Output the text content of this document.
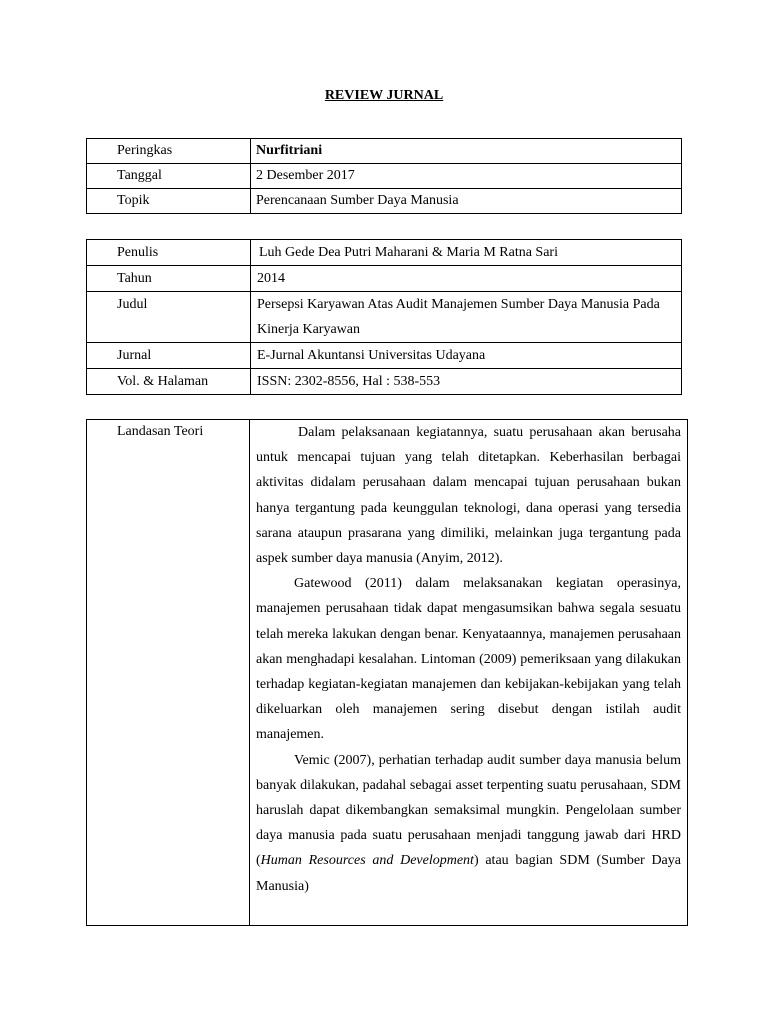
REVIEW JURNAL
Peringkas	Nurfitriani
Tanggal	2 Desember 2017
Topik	Perencanaan Sumber Daya Manusia
Penulis	Luh Gede Dea Putri Maharani & Maria M Ratna Sari
Tahun	2014
Judul	Persepsi Karyawan Atas Audit Manajemen Sumber Daya Manusia Pada Kinerja Karyawan
Jurnal	E-Jurnal Akuntansi Universitas Udayana
Vol. & Halaman	ISSN: 2302-8556, Hal : 538-553
Landasan Teori	Dalam pelaksanaan kegiatannya, suatu perusahaan akan berusaha untuk mencapai tujuan yang telah ditetapkan. Keberhasilan berbagai aktivitas didalam perusahaan dalam mencapai tujuan perusahaan bukan hanya tergantung pada keunggulan teknologi, dana operasi yang tersedia sarana ataupun prasarana yang dimiliki, melainkan juga tergantung pada aspek sumber daya manusia (Anyim, 2012).

Gatewood (2011) dalam melaksanakan kegiatan operasinya, manajemen perusahaan tidak dapat mengasumsikan bahwa segala sesuatu telah mereka lakukan dengan benar. Kenyataannya, manajemen perusahaan akan menghadapi kesalahan. Lintoman (2009) pemeriksaan yang dilakukan terhadap kegiatan-kegiatan manajemen dan kebijakan-kebijakan yang telah dikeluarkan oleh manajemen sering disebut dengan istilah audit manajemen.

Vemic (2007), perhatian terhadap audit sumber daya manusia belum banyak dilakukan, padahal sebagai asset terpenting suatu perusahaan, SDM haruslah dapat dikembangkan semaksimal mungkin. Pengelolaan sumber daya manusia pada suatu perusahaan menjadi tanggung jawab dari HRD (Human Resources and Development) atau bagian SDM (Sumber Daya Manusia)
